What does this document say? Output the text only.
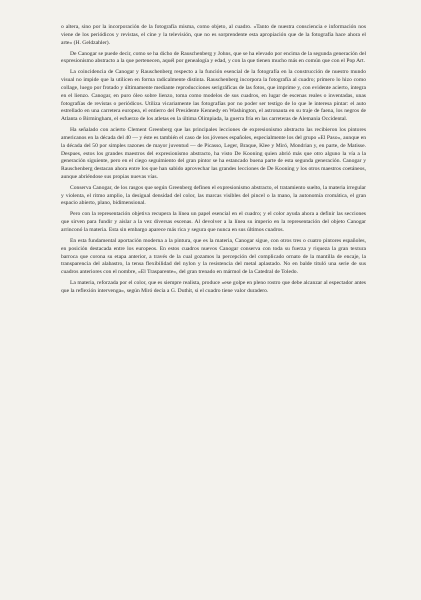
o altera, sino por la incorporación de la fotografía misma, como objeto, al cuadro. «Tanto de nuestra consciencia e información nos viene de los periódicos y revistas, el cine y la televisión, que no es sorprendente esta apropiación que de la fotografía hace ahora el arte» (H. Geldzahler).

De Canogar se puede decir, como se ha dicho de Rauschenberg y Johns, que se ha elevado por encima de la segunda generación del expresionismo abstracto a la que pertenecen, aquél por genealogía y edad, y con la que tienen mucho más en común que con el Pop Art.

La coincidencia de Canogar y Rauschenberg respecto a la función esencial de la fotografía en la construcción de nuestro mundo visual no impide que la utilicen en forma radicalmente distinta. Rauschenberg incorpora la fotografía al cuadro; primero lo hizo como collage, luego por frotado y últimamente mediante reproducciones serigráficas de las fotos, que imprime y, con evidente acierto, integra en el lienzo. Canogar, en puro óleo sobre lienzo, toma como modelos de sus cuadros, en lugar de escenas reales o inventadas, unas fotografías de revistas o periódicos. Utiliza vicariamente las fotografías por no poder ser testigo de lo que le interesa pintar: el auto estrellado en una carretera europea, el entierro del Presidente Kennedy en Washington, el astronauta en su traje de faena, los negros de Atlanta o Birmingham, el esfuerzo de los atletas en la última Olimpiada, la guerra fría en las carreteras de Alemania Occidental.

Ha señalado con acierto Clement Greenberg que las principales lecciones de expresionismo abstracto las recibieron los pintores americanos en la década del 40 — y éste es también el caso de los jóvenes españoles, especialmente los del grupo «El Paso», aunque en la década del 50 por simples razones de mayor juventud — de Picasso, Leger, Braque, Klee y Miró, Mondrian y, en parte, de Matisse. Despues, estos los grandes maestros del expresionismo abstracto, ha visto De Kooning quien abrió más que otro alguno la vía a la generación siguiente, pero en el ciego seguimiento del gran pintor se ha estancado buena parte de esta segunda generación. Canogar y Rauschenberg destacan ahora entre los que han sabido aprovechar las grandes lecciones de De Kooning y los otros maestros coetáneos, aunque abriéndose sus propias nuevas vías.

Conserva Canogar, de los rasgos que según Greenberg definen el expresionismo abstracto, el tratamiento suelto, la materia irregular y violenta, el ritmo amplio, la desigual densidad del color, las marcas visibles del pincel o la mano, la autonomía cromática, el gran espacio abierto, plano, bidimensional.

Pero con la representación objetiva recupera la línea un papel esencial en el cuadro; y el color ayuda ahora a definir las secciones que sirven para fundir y aislar a la vez diversas escenas. Al devolver a la línea su imperio en la representación del objeto Canogar arrinconó la materia. Esta sin embargo aparece más rica y segura que nunca en sus últimos cuadros.

En esta fundamental aportación moderna a la pintura, que es la materia, Canogar sigue, con otros tres o cuatro pintores españoles, en posición destacada entre los europeos. En estos cuadros nuevos Canogar conserva con toda su fuerza y riqueza la gran textura barroca que corona su etapa anterior, a través de la cual gozamos la percepción del complicado ornato de la mantilla de encaje, la transparencia del alabastro, la tensa flexibilidad del nylon y la resistencia del metal aplastado. No en balde tituló una serie de sus cuadros anteriores con el nombre, «El Trasparente», del gran trenado en mármol de la Catedral de Toledo.

La materia, reforzada por el color, que es siempre realista, produce «ese golpe en pleno rostro que debe alcanzar al espectador antes que la reflexión intervenga», según Miró decía a G. Duthit, si el cuadro tiene valor duradero.
